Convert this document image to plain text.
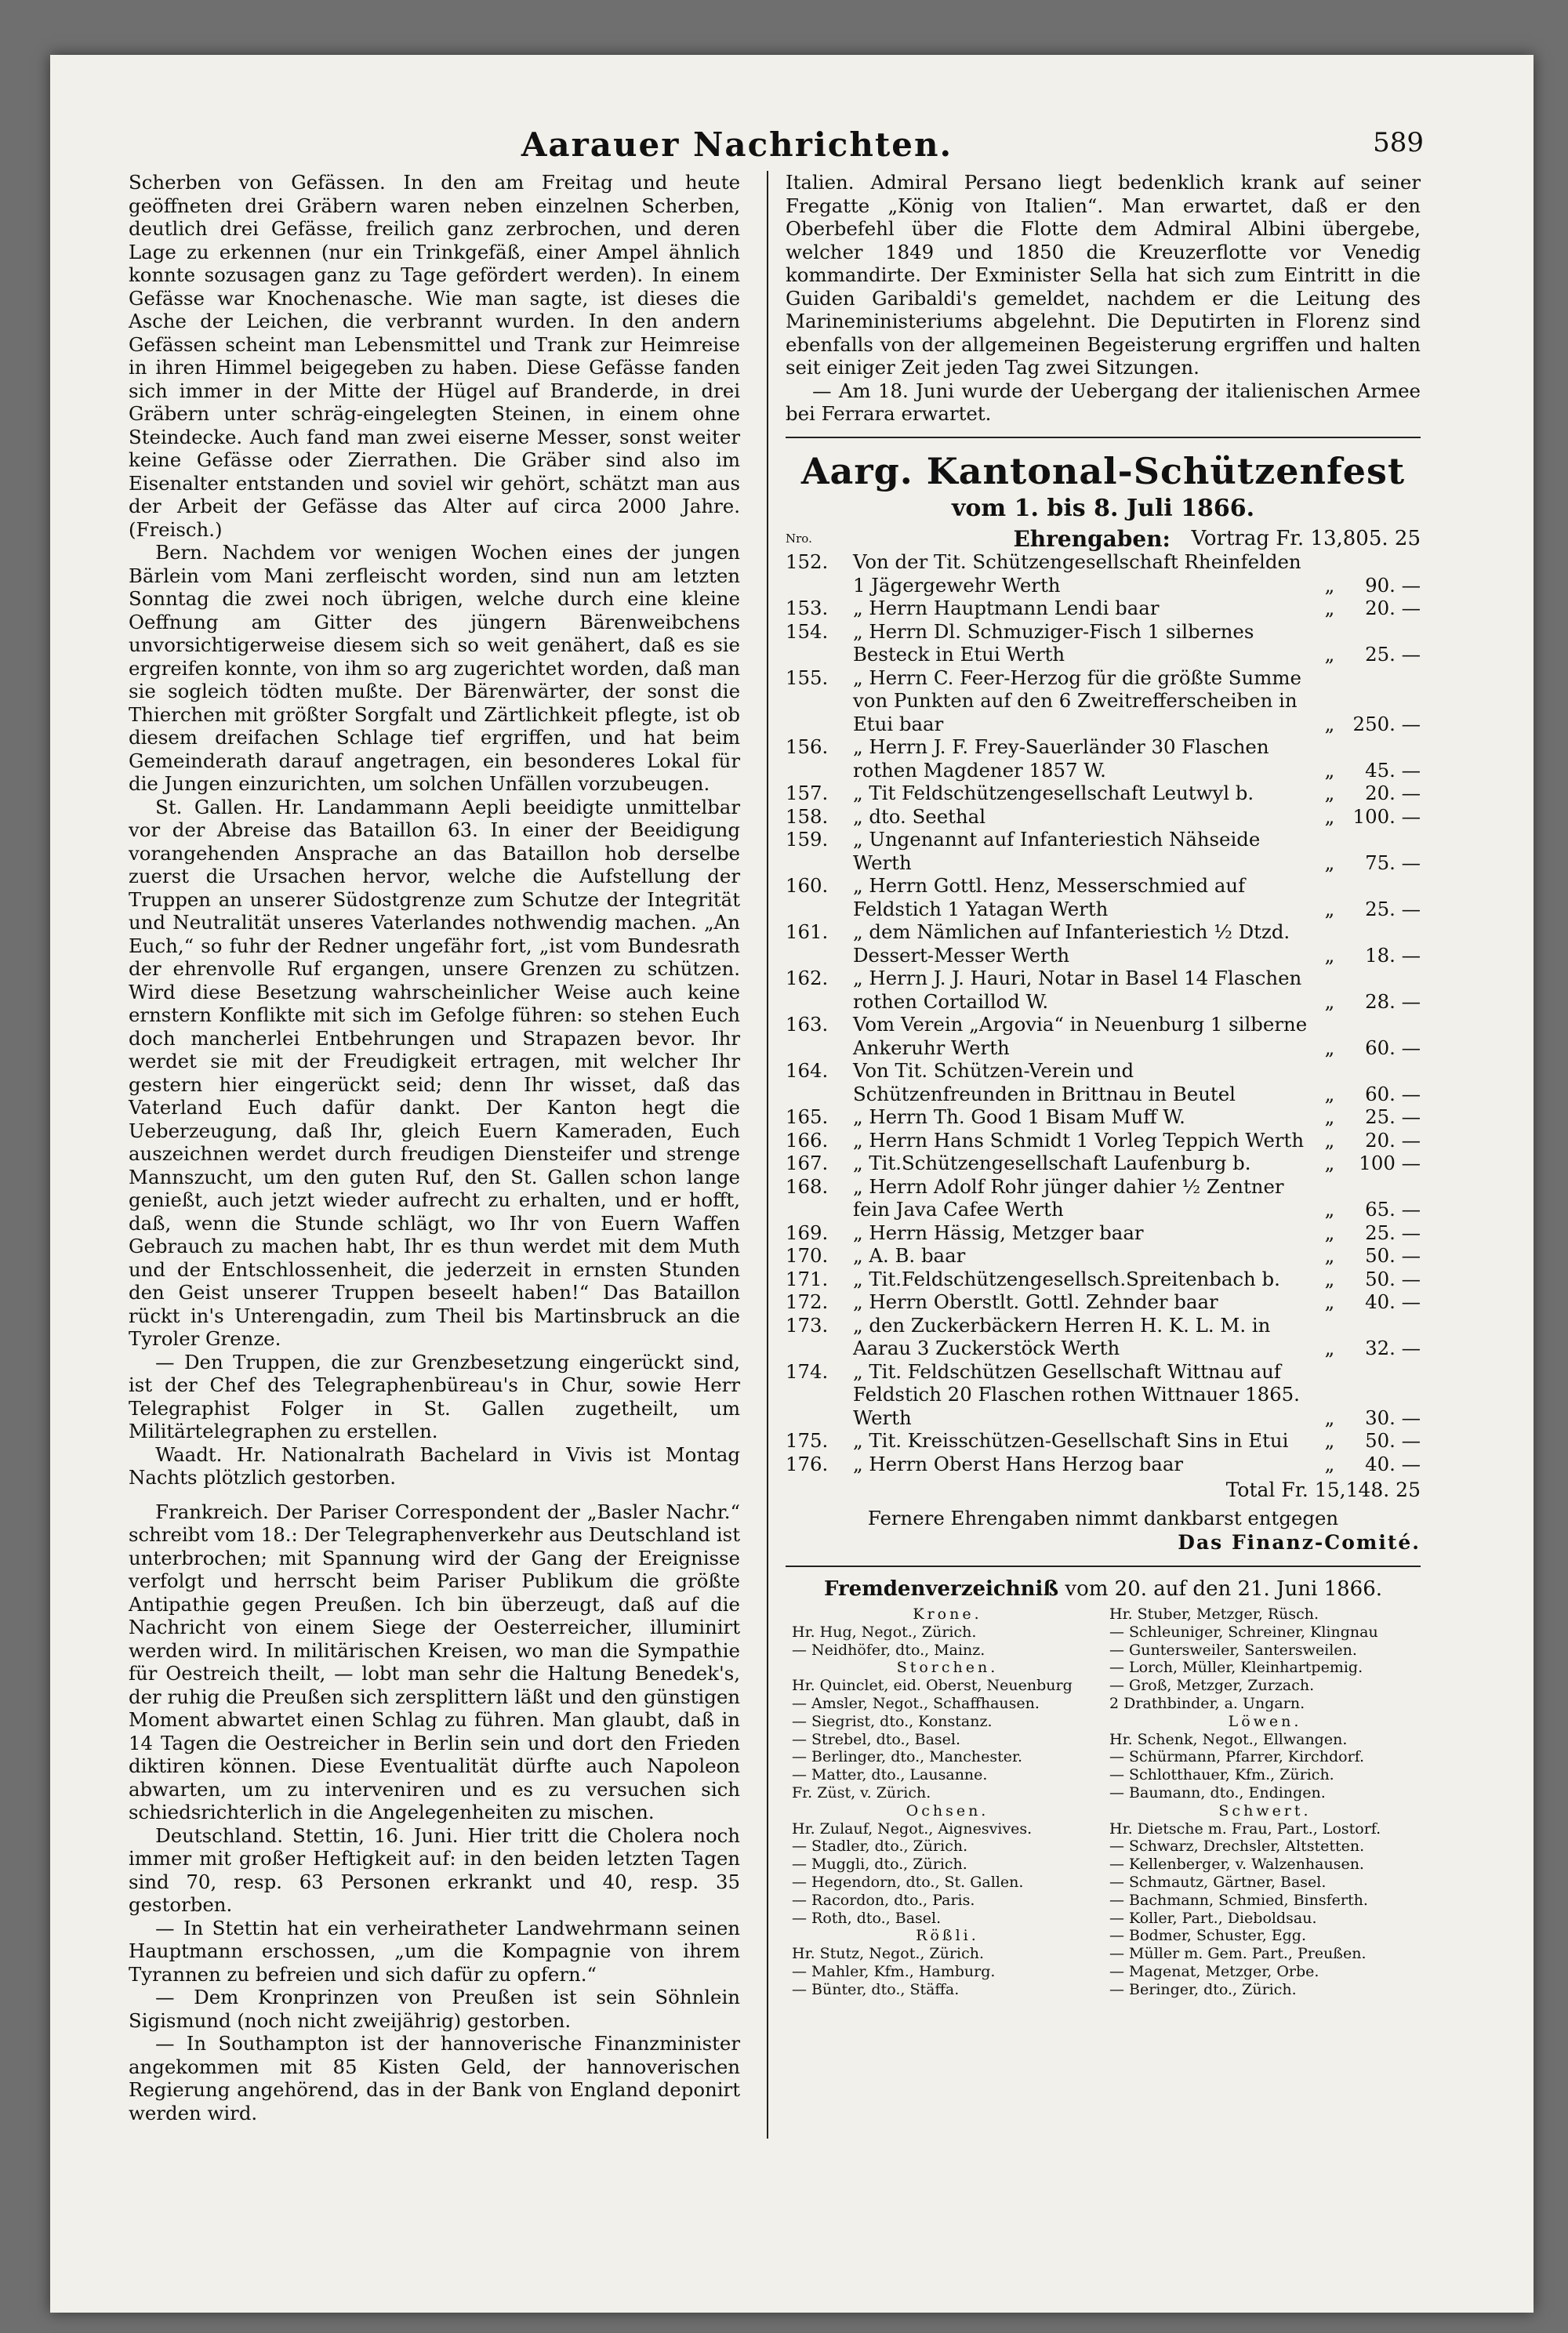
Aarauer Nachrichten.	589

Scherben von Gefässen. In den am Freitag und heute geöffneten drei Gräbern waren neben einzelnen Scherben, deutlich drei Gefässe, freilich ganz zerbrochen, und deren Lage zu erkennen (nur ein Trinkgefäß, einer Ampel ähnlich konnte sozusagen ganz zu Tage gefördert werden). In einem Gefässe war Knochenasche. Wie man sagte, ist dieses die Asche der Leichen, die verbrannt wurden. In den andern Gefässen scheint man Lebensmittel und Trank zur Heimreise in ihren Himmel beigegeben zu haben. Diese Gefässe fanden sich immer in der Mitte der Hügel auf Branderde, in drei Gräbern unter schräg-eingelegten Steinen, in einem ohne Steindecke. Auch fand man zwei eiserne Messer, sonst weiter keine Gefässe oder Zierrathen. Die Gräber sind also im Eisenalter entstanden und soviel wir gehört, schätzt man aus der Arbeit der Gefässe das Alter auf circa 2000 Jahre. (Freisch.)

Bern. Nachdem vor wenigen Wochen eines der jungen Bärlein vom Mani zerfleischt worden, sind nun am letzten Sonntag die zwei noch übrigen, welche durch eine kleine Oeffnung am Gitter des jüngern Bärenweibchens unvorsichtigerweise diesem sich so weit genähert, daß es sie ergreifen konnte, von ihm so arg zugerichtet worden, daß man sie sogleich tödten mußte. Der Bärenwärter, der sonst die Thierchen mit größter Sorgfalt und Zärtlichkeit pflegte, ist ob diesem dreifachen Schlage tief ergriffen, und hat beim Gemeinderath darauf angetragen, ein besonderes Lokal für die Jungen einzurichten, um solchen Unfällen vorzubeugen.

St. Gallen. Hr. Landammann Aepli beeidigte unmittelbar vor der Abreise das Bataillon 63. In einer der Beeidigung vorangehenden Ansprache an das Bataillon hob derselbe zuerst die Ursachen hervor, welche die Aufstellung der Truppen an unserer Südostgrenze zum Schutze der Integrität und Neutralität unseres Vaterlandes nothwendig machen. „An Euch,“ so fuhr der Redner ungefähr fort, „ist vom Bundesrath der ehrenvolle Ruf ergangen, unsere Grenzen zu schützen. Wird diese Besetzung wahrscheinlicher Weise auch keine ernstern Konflikte mit sich im Gefolge führen: so stehen Euch doch mancherlei Entbehrungen und Strapazen bevor. Ihr werdet sie mit der Freudigkeit ertragen, mit welcher Ihr gestern hier eingerückt seid; denn Ihr wisset, daß das Vaterland Euch dafür dankt. Der Kanton hegt die Ueberzeugung, daß Ihr, gleich Euern Kameraden, Euch auszeichnen werdet durch freudigen Diensteifer und strenge Mannszucht, um den guten Ruf, den St. Gallen schon lange genießt, auch jetzt wieder aufrecht zu erhalten, und er hofft, daß, wenn die Stunde schlägt, wo Ihr von Euern Waffen Gebrauch zu machen habt, Ihr es thun werdet mit dem Muth und der Entschlossenheit, die jederzeit in ernsten Stunden den Geist unserer Truppen beseelt haben!“ Das Bataillon rückt in's Unterengadin, zum Theil bis Martinsbruck an die Tyroler Grenze.

— Den Truppen, die zur Grenzbesetzung eingerückt sind, ist der Chef des Telegraphenbüreau's in Chur, sowie Herr Telegraphist Folger in St. Gallen zugetheilt, um Militärtelegraphen zu erstellen.

Waadt. Hr. Nationalrath Bachelard in Vivis ist Montag Nachts plötzlich gestorben.

Frankreich. Der Pariser Correspondent der „Basler Nachr.“ schreibt vom 18.: Der Telegraphenverkehr aus Deutschland ist unterbrochen; mit Spannung wird der Gang der Ereignisse verfolgt und herrscht beim Pariser Publikum die größte Antipathie gegen Preußen. Ich bin überzeugt, daß auf die Nachricht von einem Siege der Oesterreicher, illuminirt werden wird. In militärischen Kreisen, wo man die Sympathie für Oestreich theilt, — lobt man sehr die Haltung Benedek's, der ruhig die Preußen sich zersplittern läßt und den günstigen Moment abwartet einen Schlag zu führen. Man glaubt, daß in 14 Tagen die Oestreicher in Berlin sein und dort den Frieden diktiren können. Diese Eventualität dürfte auch Napoleon abwarten, um zu interveniren und es zu versuchen sich schiedsrichterlich in die Angelegenheiten zu mischen.

Deutschland. Stettin, 16. Juni. Hier tritt die Cholera noch immer mit großer Heftigkeit auf: in den beiden letzten Tagen sind 70, resp. 63 Personen erkrankt und 40, resp. 35 gestorben.

— In Stettin hat ein verheiratheter Landwehrmann seinen Hauptmann erschossen, „um die Kompagnie von ihrem Tyrannen zu befreien und sich dafür zu opfern.“

— Dem Kronprinzen von Preußen ist sein Söhnlein Sigismund (noch nicht zweijährig) gestorben.

— In Southampton ist der hannoverische Finanzminister angekommen mit 85 Kisten Geld, der hannoverischen Regierung angehörend, das in der Bank von England deponirt werden wird.

Italien. Admiral Persano liegt bedenklich krank auf seiner Fregatte „König von Italien“. Man erwartet, daß er den Oberbefehl über die Flotte dem Admiral Albini übergebe, welcher 1849 und 1850 die Kreuzerflotte vor Venedig kommandirte. Der Exminister Sella hat sich zum Eintritt in die Guiden Garibaldi's gemeldet, nachdem er die Leitung des Marineministeriums abgelehnt. Die Deputirten in Florenz sind ebenfalls von der allgemeinen Begeisterung ergriffen und halten seit einiger Zeit jeden Tag zwei Sitzungen.

— Am 18. Juni wurde der Uebergang der italienischen Armee bei Ferrara erwartet.

Aarg. Kantonal-Schützenfest
vom 1. bis 8. Juli 1866.
Nro.	Ehrengaben: Vortrag Fr. 13,805. 25
152.	Von der Tit. Schützengesellschaft Rheinfelden 1 Jägergewehr Werth	„	90. —
153.	„ Herrn Hauptmann Lendi baar	„	20. —
154.	„ Herrn Dl. Schmuziger-Fisch 1 silbernes Besteck in Etui Werth	„	25. —
155.	„ Herrn C. Feer-Herzog für die größte Summe von Punkten auf den 6 Zweitrefferscheiben in Etui baar	„	250. —
156.	„ Herrn J. F. Frey-Sauerländer 30 Flaschen rothen Magdener 1857 W.	„	45. —
157.	„ Tit Feldschützengesellschaft Leutwyl b.	„	20. —
158.	„ dto. Seethal	„	100. —
159.	„ Ungenannt auf Infanteriestich Nähseide Werth	„	75. —
160.	„ Herrn Gottl. Henz, Messerschmied auf Feldstich 1 Yatagan Werth	„	25. —
161.	„ dem Nämlichen auf Infanteriestich ½ Dtzd. Dessert-Messer Werth	„	18. —
162.	„ Herrn J. J. Hauri, Notar in Basel 14 Flaschen rothen Cortaillod W.	„	28. —
163.	Vom Verein „Argovia“ in Neuenburg 1 silberne Ankeruhr Werth	„	60. —
164.	Von Tit. Schützen-Verein und Schützenfreunden in Brittnau in Beutel	„	60. —
165.	„ Herrn Th. Good 1 Bisam Muff W.	„	25. —
166.	„ Herrn Hans Schmidt 1 Vorleg Teppich Werth	„	20. —
167.	„ Tit.Schützengesellschaft Laufenburg b.	„	100 —
168.	„ Herrn Adolf Rohr jünger dahier ½ Zentner fein Java Cafee Werth	„	65. —
169.	„ Herrn Hässig, Metzger baar	„	25. —
170.	„ A. B. baar	„	50. —
171.	„ Tit.Feldschützengesellsch.Spreitenbach b.	„	50. —
172.	„ Herrn Oberstlt. Gottl. Zehnder baar	„	40. —
173.	„ den Zuckerbäckern Herren H. K. L. M. in Aarau 3 Zuckerstöck Werth	„	32. —
174.	„ Tit. Feldschützen Gesellschaft Wittnau auf Feldstich 20 Flaschen rothen Wittnauer 1865. Werth	„	30. —
175.	„ Tit. Kreisschützen-Gesellschaft Sins in Etui	„	50. —
176.	„ Herrn Oberst Hans Herzog baar	„	40. —
Total Fr. 15,148. 25
Fernere Ehrengaben nimmt dankbarst entgegen
Das Finanz-Comité.
Fremdenverzeichniß vom 20. auf den 21. Juni 1866.
Krone.
Hr. Hug, Negot., Zürich.
— Neidhöfer, dto., Mainz.
Storchen.
Hr. Quinclet, eid. Oberst, Neuenburg
— Amsler, Negot., Schaffhausen.
— Siegrist, dto., Konstanz.
— Strebel, dto., Basel.
— Berlinger, dto., Manchester.
— Matter, dto., Lausanne.
Fr. Züst, v. Zürich.
Ochsen.
Hr. Zulauf, Negot., Aignesvives.
— Stadler, dto., Zürich.
— Muggli, dto., Zürich.
— Hegendorn, dto., St. Gallen.
— Racordon, dto., Paris.
— Roth, dto., Basel.
Rößli.
Hr. Stutz, Negot., Zürich.
— Mahler, Kfm., Hamburg.
— Bünter, dto., Stäffa.
Hr. Stuber, Metzger, Rüsch.
— Schleuniger, Schreiner, Klingnau
— Guntersweiler, Santersweilen.
— Lorch, Müller, Kleinhartpemig.
— Groß, Metzger, Zurzach.
2 Drathbinder, a. Ungarn.
Löwen.
Hr. Schenk, Negot., Ellwangen.
— Schürmann, Pfarrer, Kirchdorf.
— Schlotthauer, Kfm., Zürich.
— Baumann, dto., Endingen.
Schwert.
Hr. Dietsche m. Frau, Part., Lostorf.
— Schwarz, Drechsler, Altstetten.
— Kellenberger, v. Walzenhausen.
— Schmautz, Gärtner, Basel.
— Bachmann, Schmied, Binsferth.
— Koller, Part., Dieboldsau.
— Bodmer, Schuster, Egg.
— Müller m. Gem. Part., Preußen.
— Magenat, Metzger, Orbe.
— Beringer, dto., Zürich.
